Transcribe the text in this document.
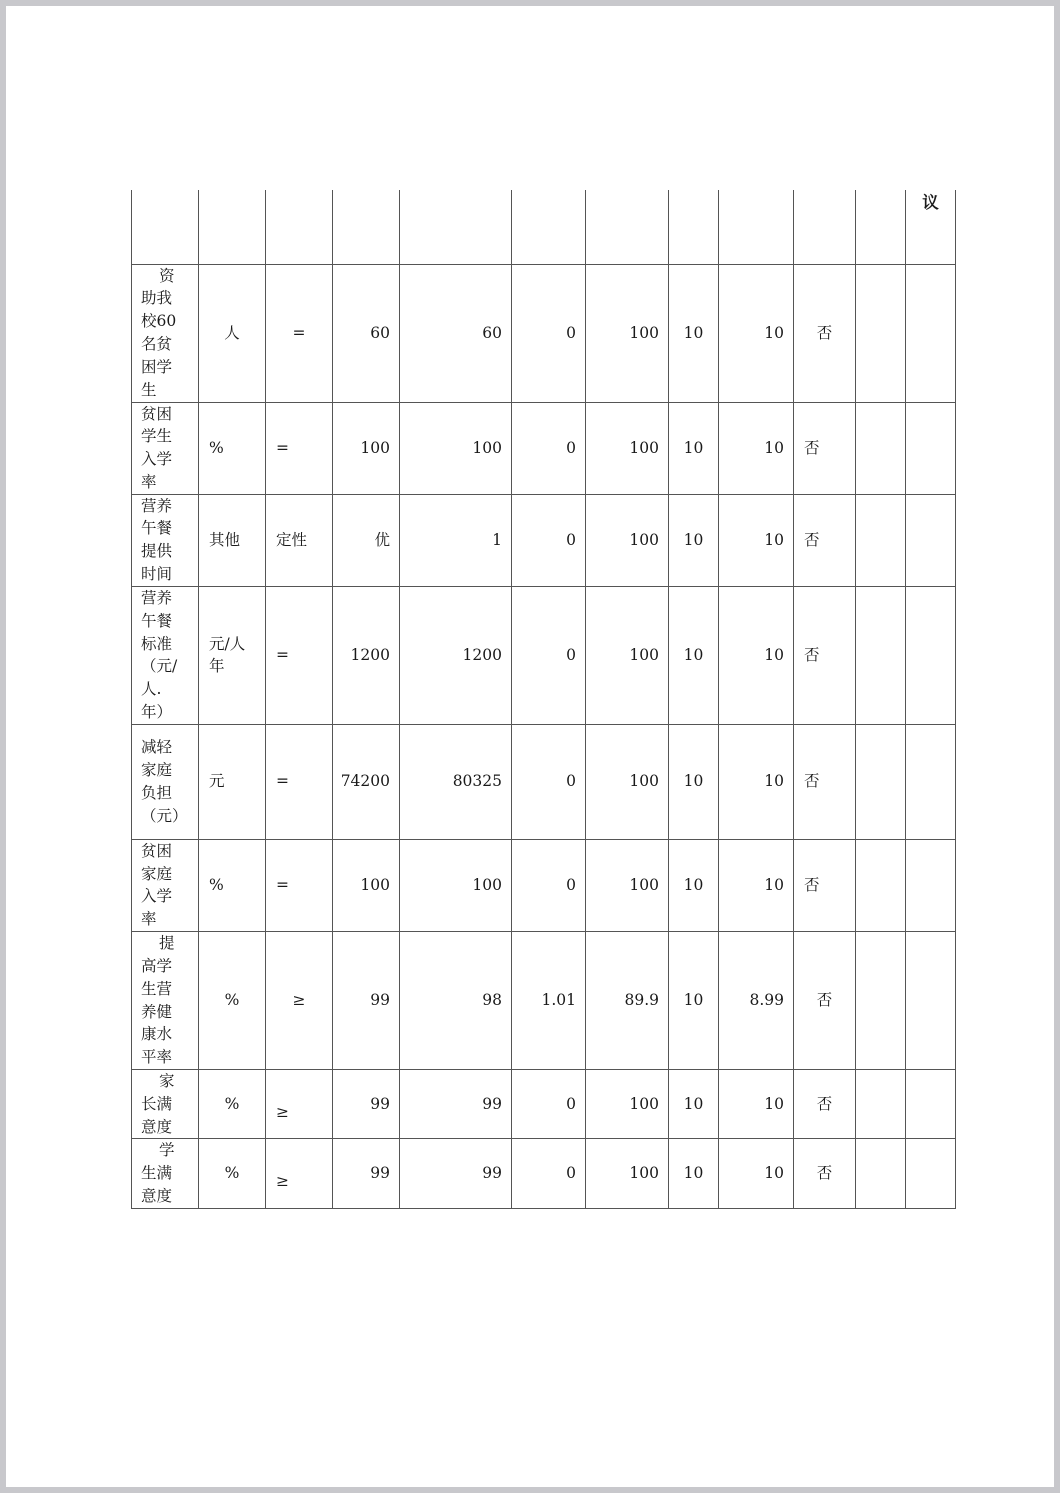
											议

资助我校60名贫困学生	人	=	60	60	0	100	10	10	否		

贫困学生入学率	%	=	100	100	0	100	10	10	否		

营养午餐提供时间	其他	定性	优	1	0	100	10	10	否		

营养午餐标准（元/人.年）	元/人年	=	1200	1200	0	100	10	10	否		

减轻家庭负担（元）	元	=	74200	80325	0	100	10	10	否		

贫困家庭入学率	%	=	100	100	0	100	10	10	否		

提高学生营养健康水平率	%	≥	99	98	1.01	89.9	10	8.99	否		

家长满意度	%	≥	99	99	0	100	10	10	否		

学生满意度	%	≥	99	99	0	100	10	10	否		
